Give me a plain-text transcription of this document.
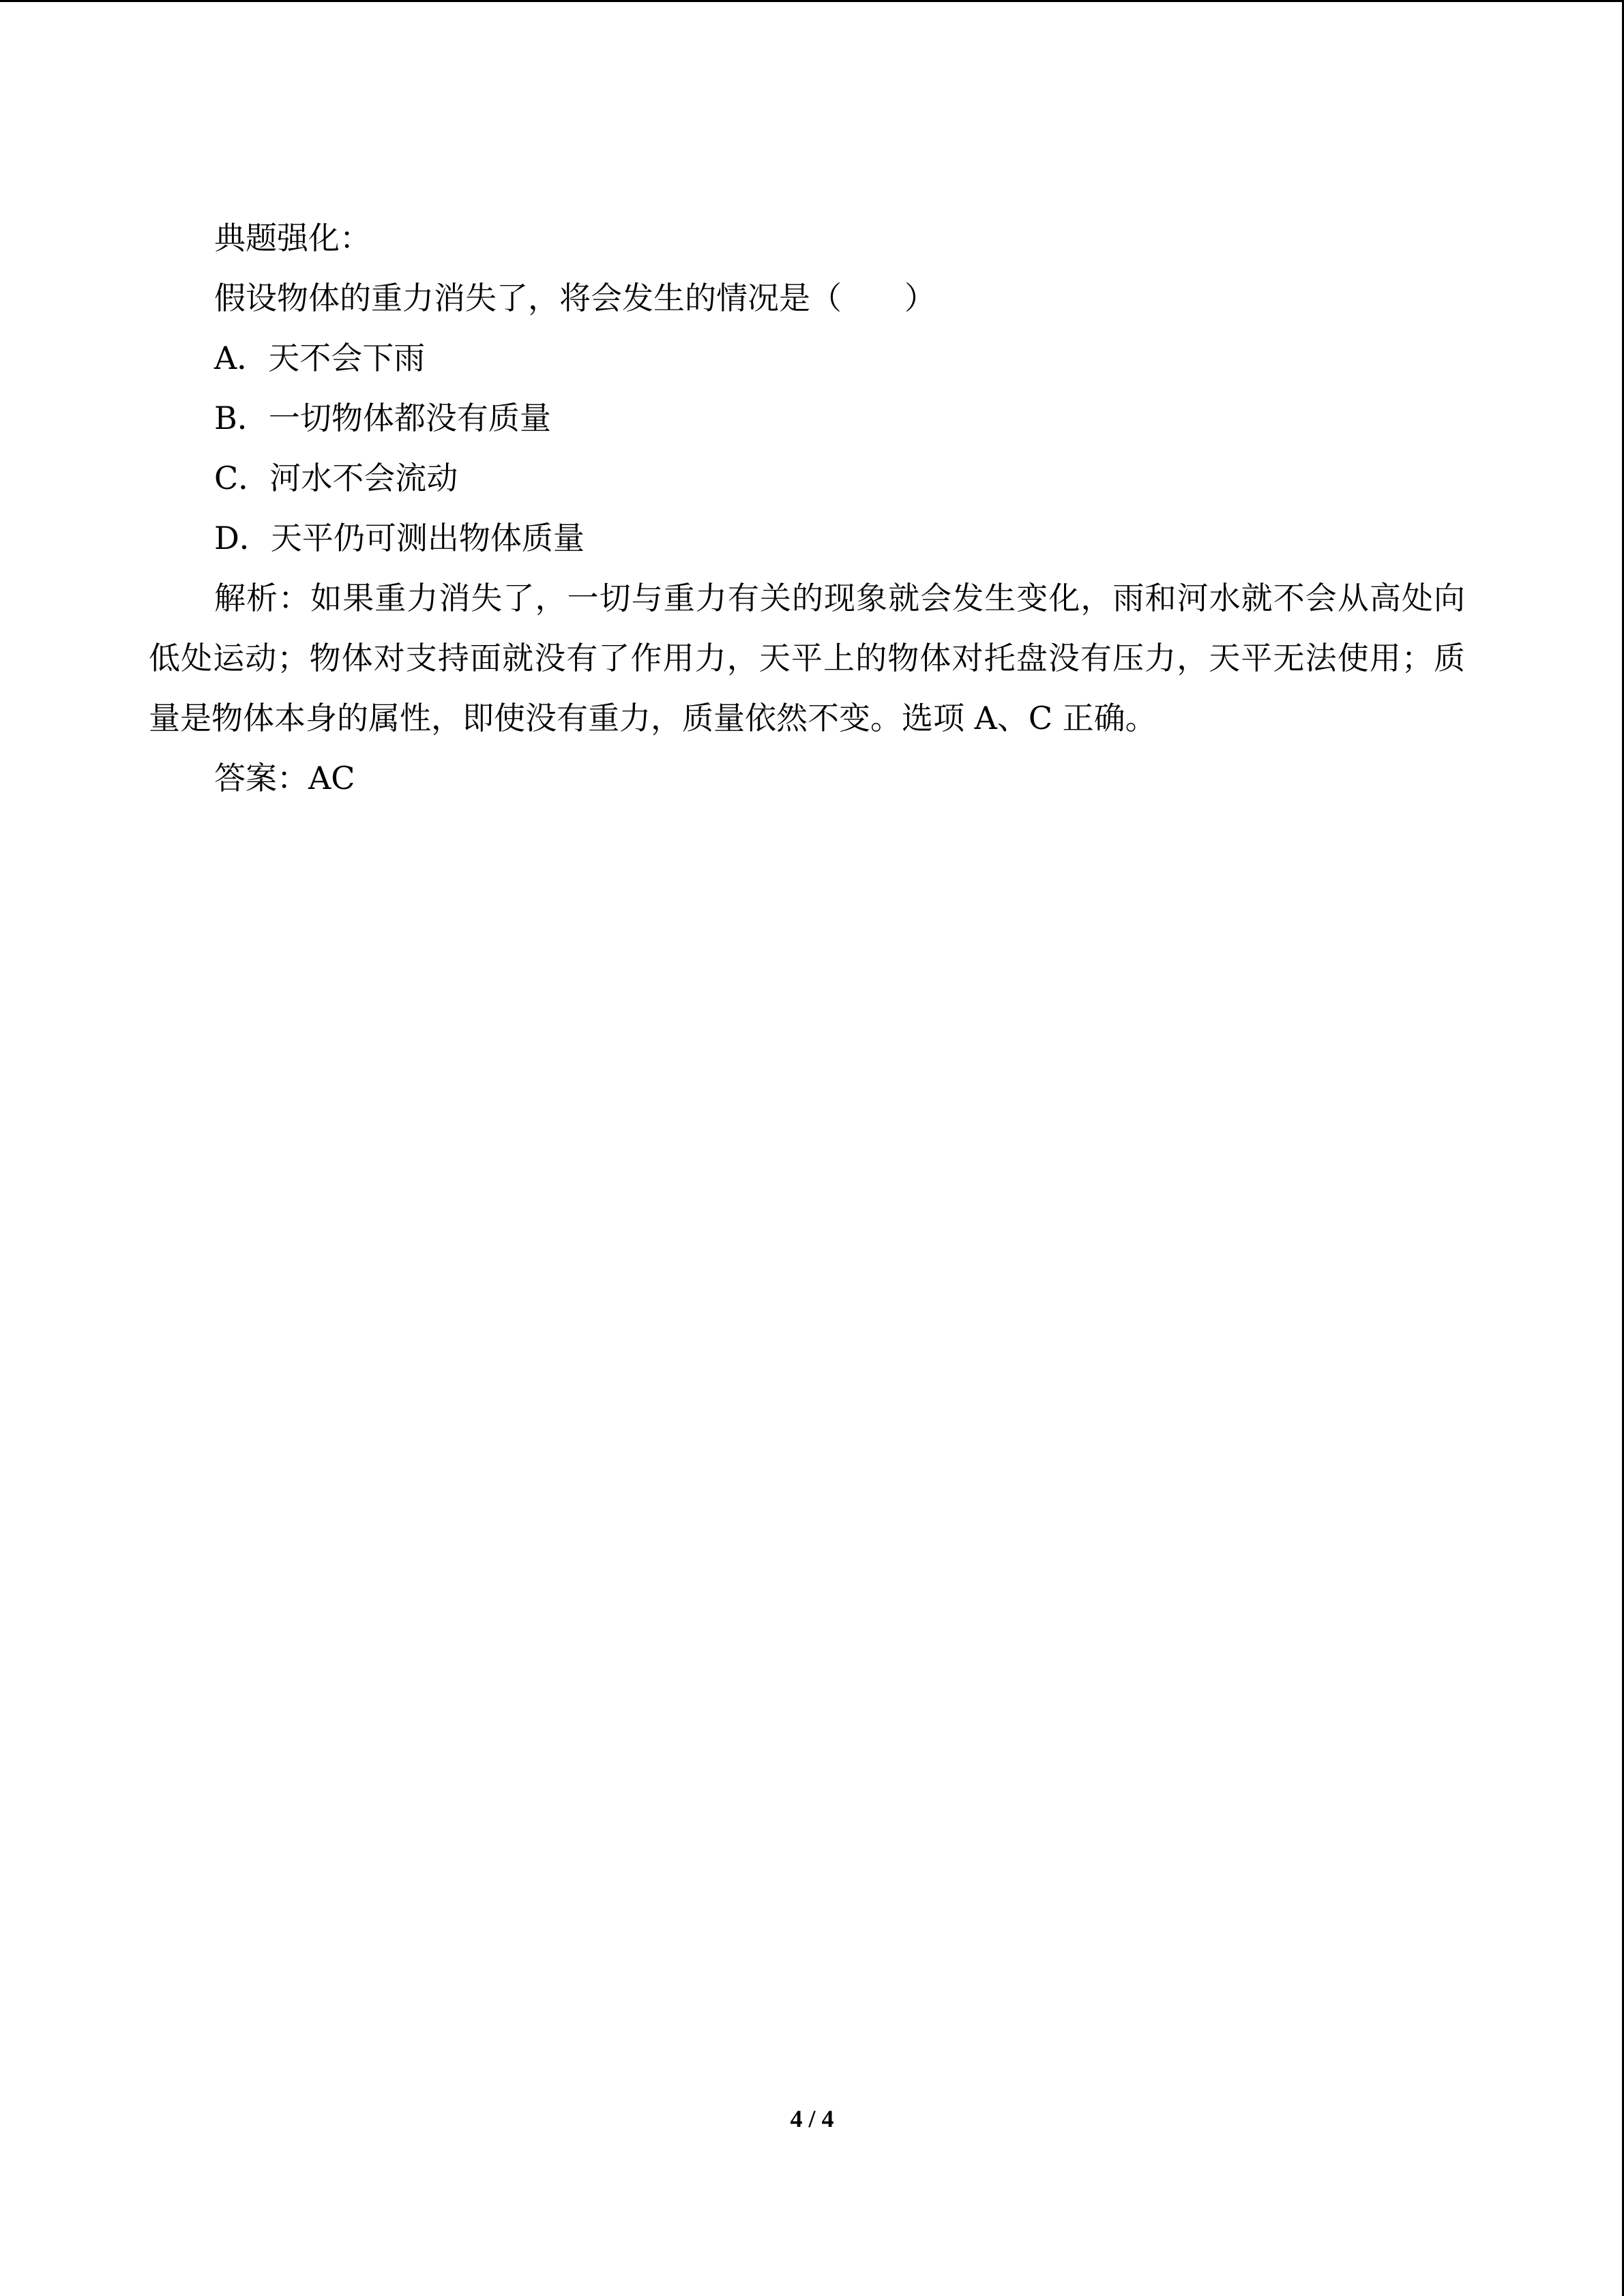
典题强化：

假设物体的重力消失了，将会发生的情况是（　　）

A．天不会下雨

B．一切物体都没有质量

C．河水不会流动

D．天平仍可测出物体质量

解析：如果重力消失了，一切与重力有关的现象就会发生变化，雨和河水就不会从高处向低处运动；物体对支持面就没有了作用力，天平上的物体对托盘没有压力，天平无法使用；质量是物体本身的属性，即使没有重力，质量依然不变。选项 A、C 正确。

答案：AC

4 / 4
